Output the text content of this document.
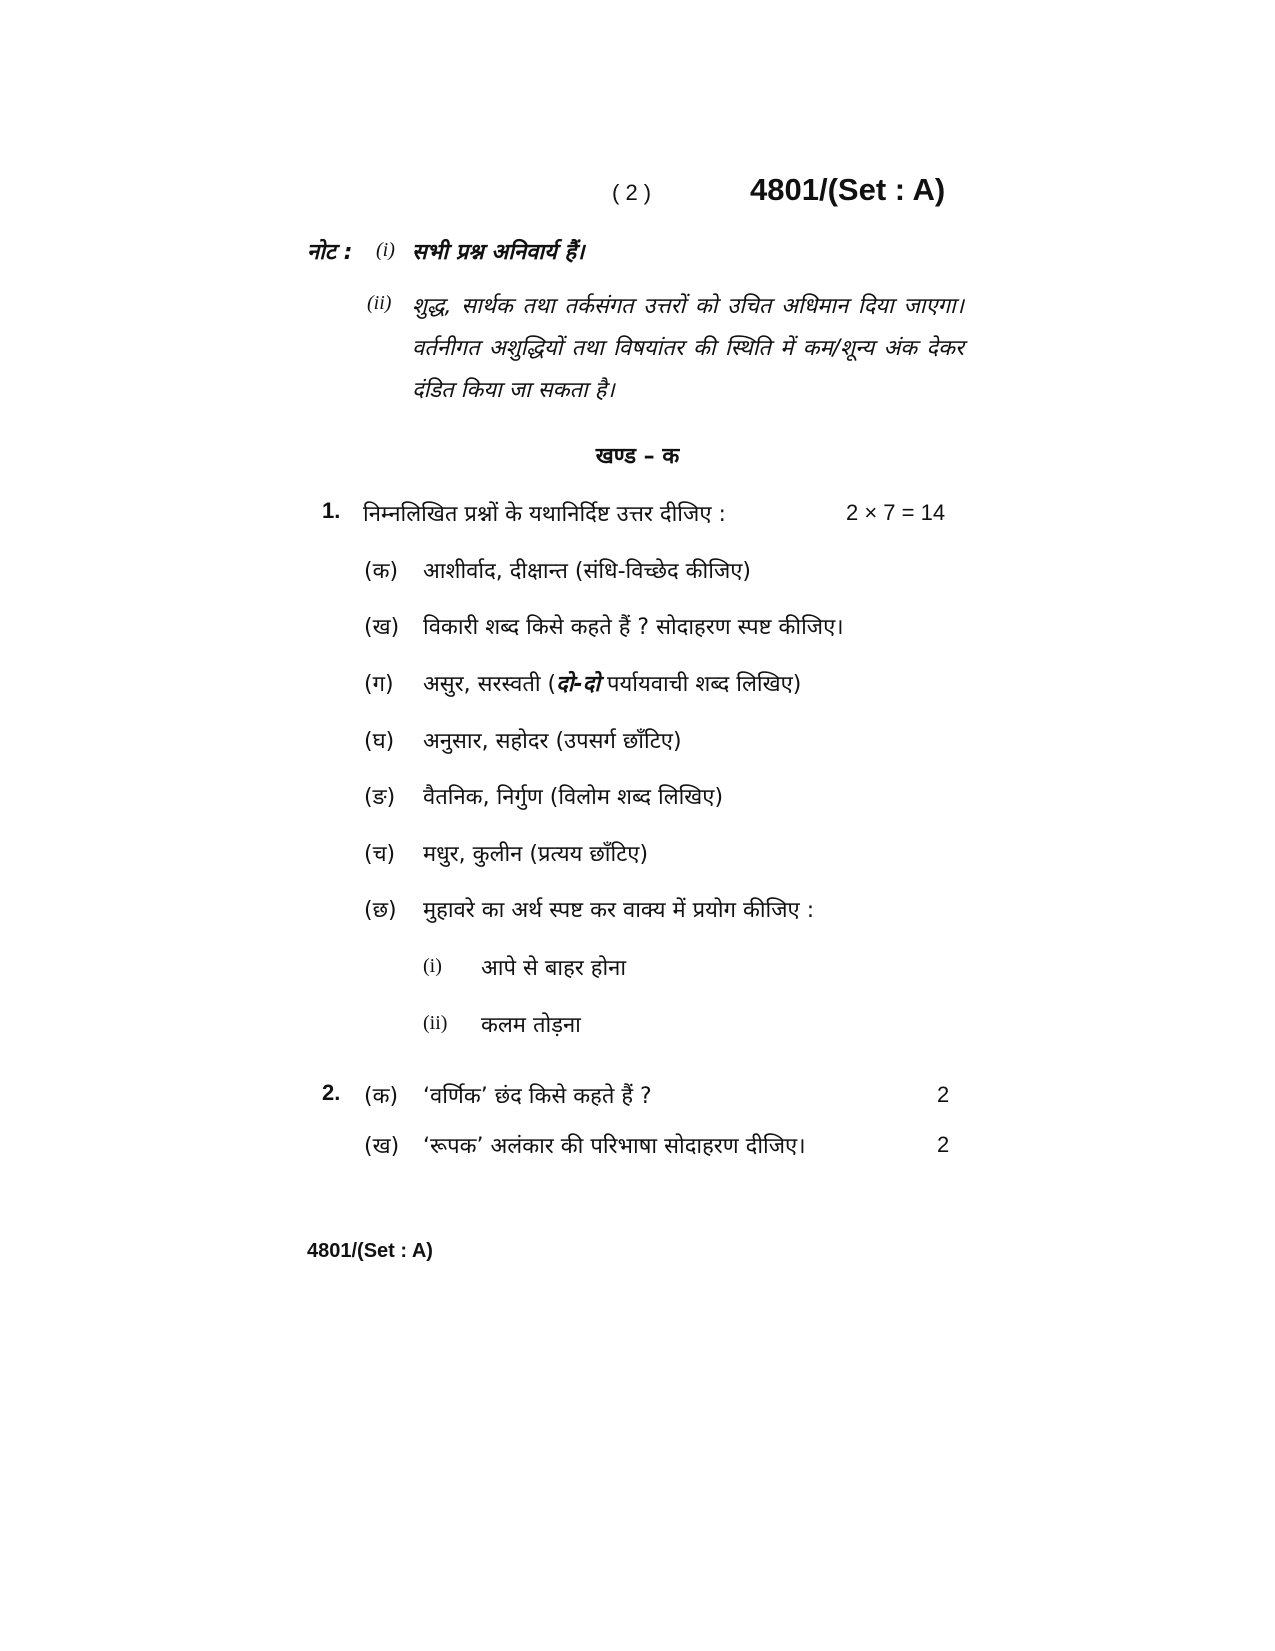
( 2 )	4801/(Set : A)
नोट : (i) सभी प्रश्न अनिवार्य हैं।
(ii) शुद्ध, सार्थक तथा तर्कसंगत उत्तरों को उचित अधिमान दिया जाएगा। वर्तनीगत अशुद्धियों तथा विषयांतर की स्थिति में कम/शून्य अंक देकर दंडित किया जा सकता है।
खण्ड – क
1. निम्नलिखित प्रश्नों के यथानिर्दिष्ट उत्तर दीजिए :	2 × 7 = 14
(क) आशीर्वाद, दीक्षान्त (संधि-विच्छेद कीजिए)
(ख) विकारी शब्द किसे कहते हैं ? सोदाहरण स्पष्ट कीजिए।
(ग) असुर, सरस्वती (दो-दो पर्यायवाची शब्द लिखिए)
(घ) अनुसार, सहोदर (उपसर्ग छाँटिए)
(ङ) वैतनिक, निर्गुण (विलोम शब्द लिखिए)
(च) मधुर, कुलीन (प्रत्यय छाँटिए)
(छ) मुहावरे का अर्थ स्पष्ट कर वाक्य में प्रयोग कीजिए :
(i) आपे से बाहर होना
(ii) कलम तोड़ना
2. (क) ‘वर्णिक’ छंद किसे कहते हैं ?	2
(ख) ‘रूपक’ अलंकार की परिभाषा सोदाहरण दीजिए।	2
4801/(Set : A)
